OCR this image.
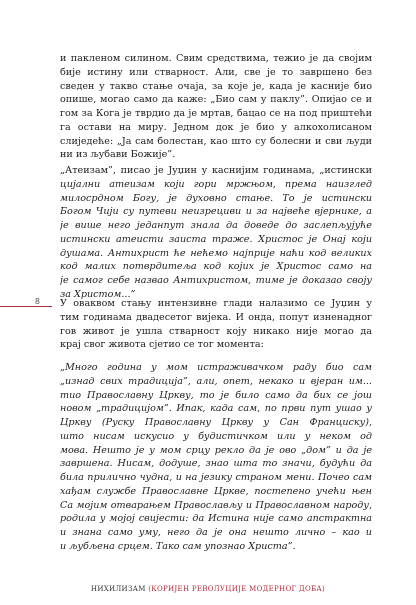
и пакленом силином. Свим средствима, тежио је да својим
бије истину или стварност. Али, све је то завршено без
сведен у такво стање очаја, за које је, када је касније био
опише, могао само да каже: „Био сам у паклу”. Опијао се и
гом за Кога је тврдио да је мртав, бацао се на под приштећи
га остави на миру. Једном док је био у алкохолисаном
слиједеће: „Ја сам болестан, као што су болесни и сви људи
ни из љубави Божије”.
„Атеизам”, писао је Јуџин у каснијим годинама, „истински
цијални атеизам који гори мржњом, према наизглед
милосрдном Богу, је духовно стање. То је истински
Богом Чији су путеви неизрециви и за највеће вјернике, а
је више него једанпут знала да доведе до заслепљујуће
истински атеисти заиста траже. Христос је Онај који
душама. Антихрист ће нећемо најприје наћи код великих
код малих потврдитеља код којих је Христос само на
је самог себе назвао Антихристом, тиме је доказао своју
за Христом...”
8 У оваквом стању интензивне глади налазимо се Јуџин у
тим годинама двадесетог вијека. И онда, попут изненадног
гов живот је ушла стварност коју никако није могао да
крај свог живота сјетио се тог момента:
„Много година у мом истраживачком раду био сам
„изнад свих традиција”, али, опет, некако и вјеран им...
тио Православну Цркву, то је било само да бих се још
новом „традицијом”. Ипак, када сам, по први пут ушао у
Цркву (Руску Православну Цркву у Сан Франциску),
што нисам искусио у будистичком или у неком од
мова. Нешто је у мом срцу рекло да је ово „дом” и да је
завршена. Нисам, додуше, знао шта то значи, будући да
била прилично чудна, и на језику страном мени. Почео сам
хађам службе Православне Цркве, постепено учећи њен
Са мојим отварањем Православљу и Православном народу,
родила у мојој свијести: да Истина није само апстрактна
и знана само уму, него да је она нешто лично – као и
и љубљена срцем. Тако сам упознао Христа”.
НИХИЛИЗАМ (КОРИЈЕН РЕВОЛУЦИЈЕ МОДЕРНОГ ДОБА)
